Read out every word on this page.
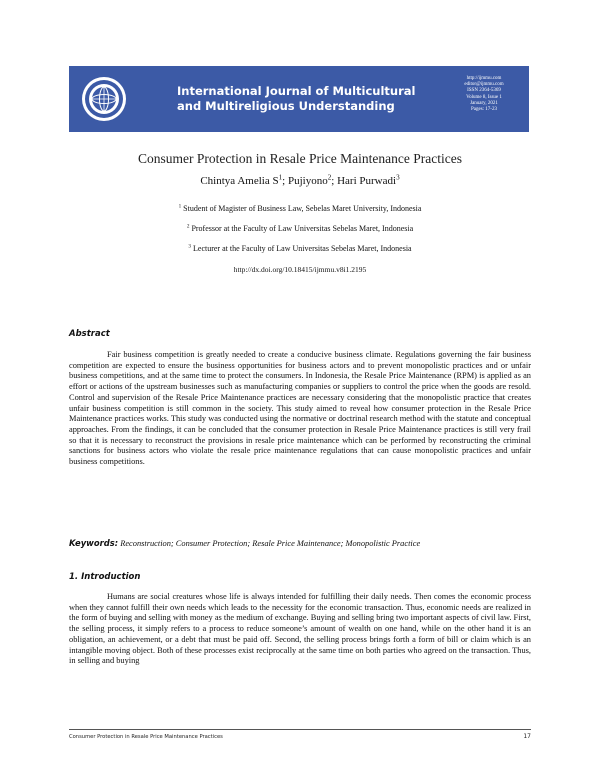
International Journal of Multicultural and Multireligious Understanding
http://ijmmu.com
editor@ijmmu.com
ISSN 2364-5369
Volume 8, Issue 1
January, 2021
Pages: 17-23
Consumer Protection in Resale Price Maintenance Practices
Chintya Amelia $S^1$; Pujiyono$^2$; Hari Purwadi$^3$
$^1$ Student of Magister of Business Law, Sebelas Maret University, Indonesia
$^2$ Professor at the Faculty of Law Universitas Sebelas Maret, Indonesia
$^3$ Lecturer at the Faculty of Law Universitas Sebelas Maret, Indonesia
http://dx.doi.org/10.18415/ijmmu.v8i1.2195
Abstract

Fair business competition is greatly needed to create a conducive business climate. Regulations governing the fair business competition are expected to ensure the business opportunities for business actors and to prevent monopolistic practices and or unfair business competitions, and at the same time to protect the consumers. In Indonesia, the Resale Price Maintenance (RPM) is applied as an effort or actions of the upstream businesses such as manufacturing companies or suppliers to control the price when the goods are resold. Control and supervision of the Resale Price Maintenance practices are necessary considering that the monopolistic practice that creates unfair business competition is still common in the society. This study aimed to reveal how consumer protection in the Resale Price Maintenance practices works. This study was conducted using the normative or doctrinal research method with the statute and conceptual approaches. From the findings, it can be concluded that the consumer protection in Resale Price Maintenance practices is still very frail so that it is necessary to reconstruct the provisions in resale price maintenance which can be performed by reconstructing the criminal sanctions for business actors who violate the resale price maintenance regulations that can cause monopolistic practices and unfair business competitions.

Keywords: Reconstruction; Consumer Protection; Resale Price Maintenance; Monopolistic Practice
1. Introduction

Humans are social creatures whose life is always intended for fulfilling their daily needs. Then comes the economic process when they cannot fulfill their own needs which leads to the necessity for the economic transaction. Thus, economic needs are realized in the form of buying and selling with money as the medium of exchange. Buying and selling bring two important aspects of civil law. First, the selling process, it simply refers to a process to reduce someone’s amount of wealth on one hand, while on the other hand it is an obligation, an achievement, or a debt that must be paid off. Second, the selling process brings forth a form of bill or claim which is an intangible moving object. Both of these processes exist reciprocally at the same time on both parties who agreed on the transaction. Thus, in selling and buying

Consumer Protection in Resale Price Maintenance Practices	17
